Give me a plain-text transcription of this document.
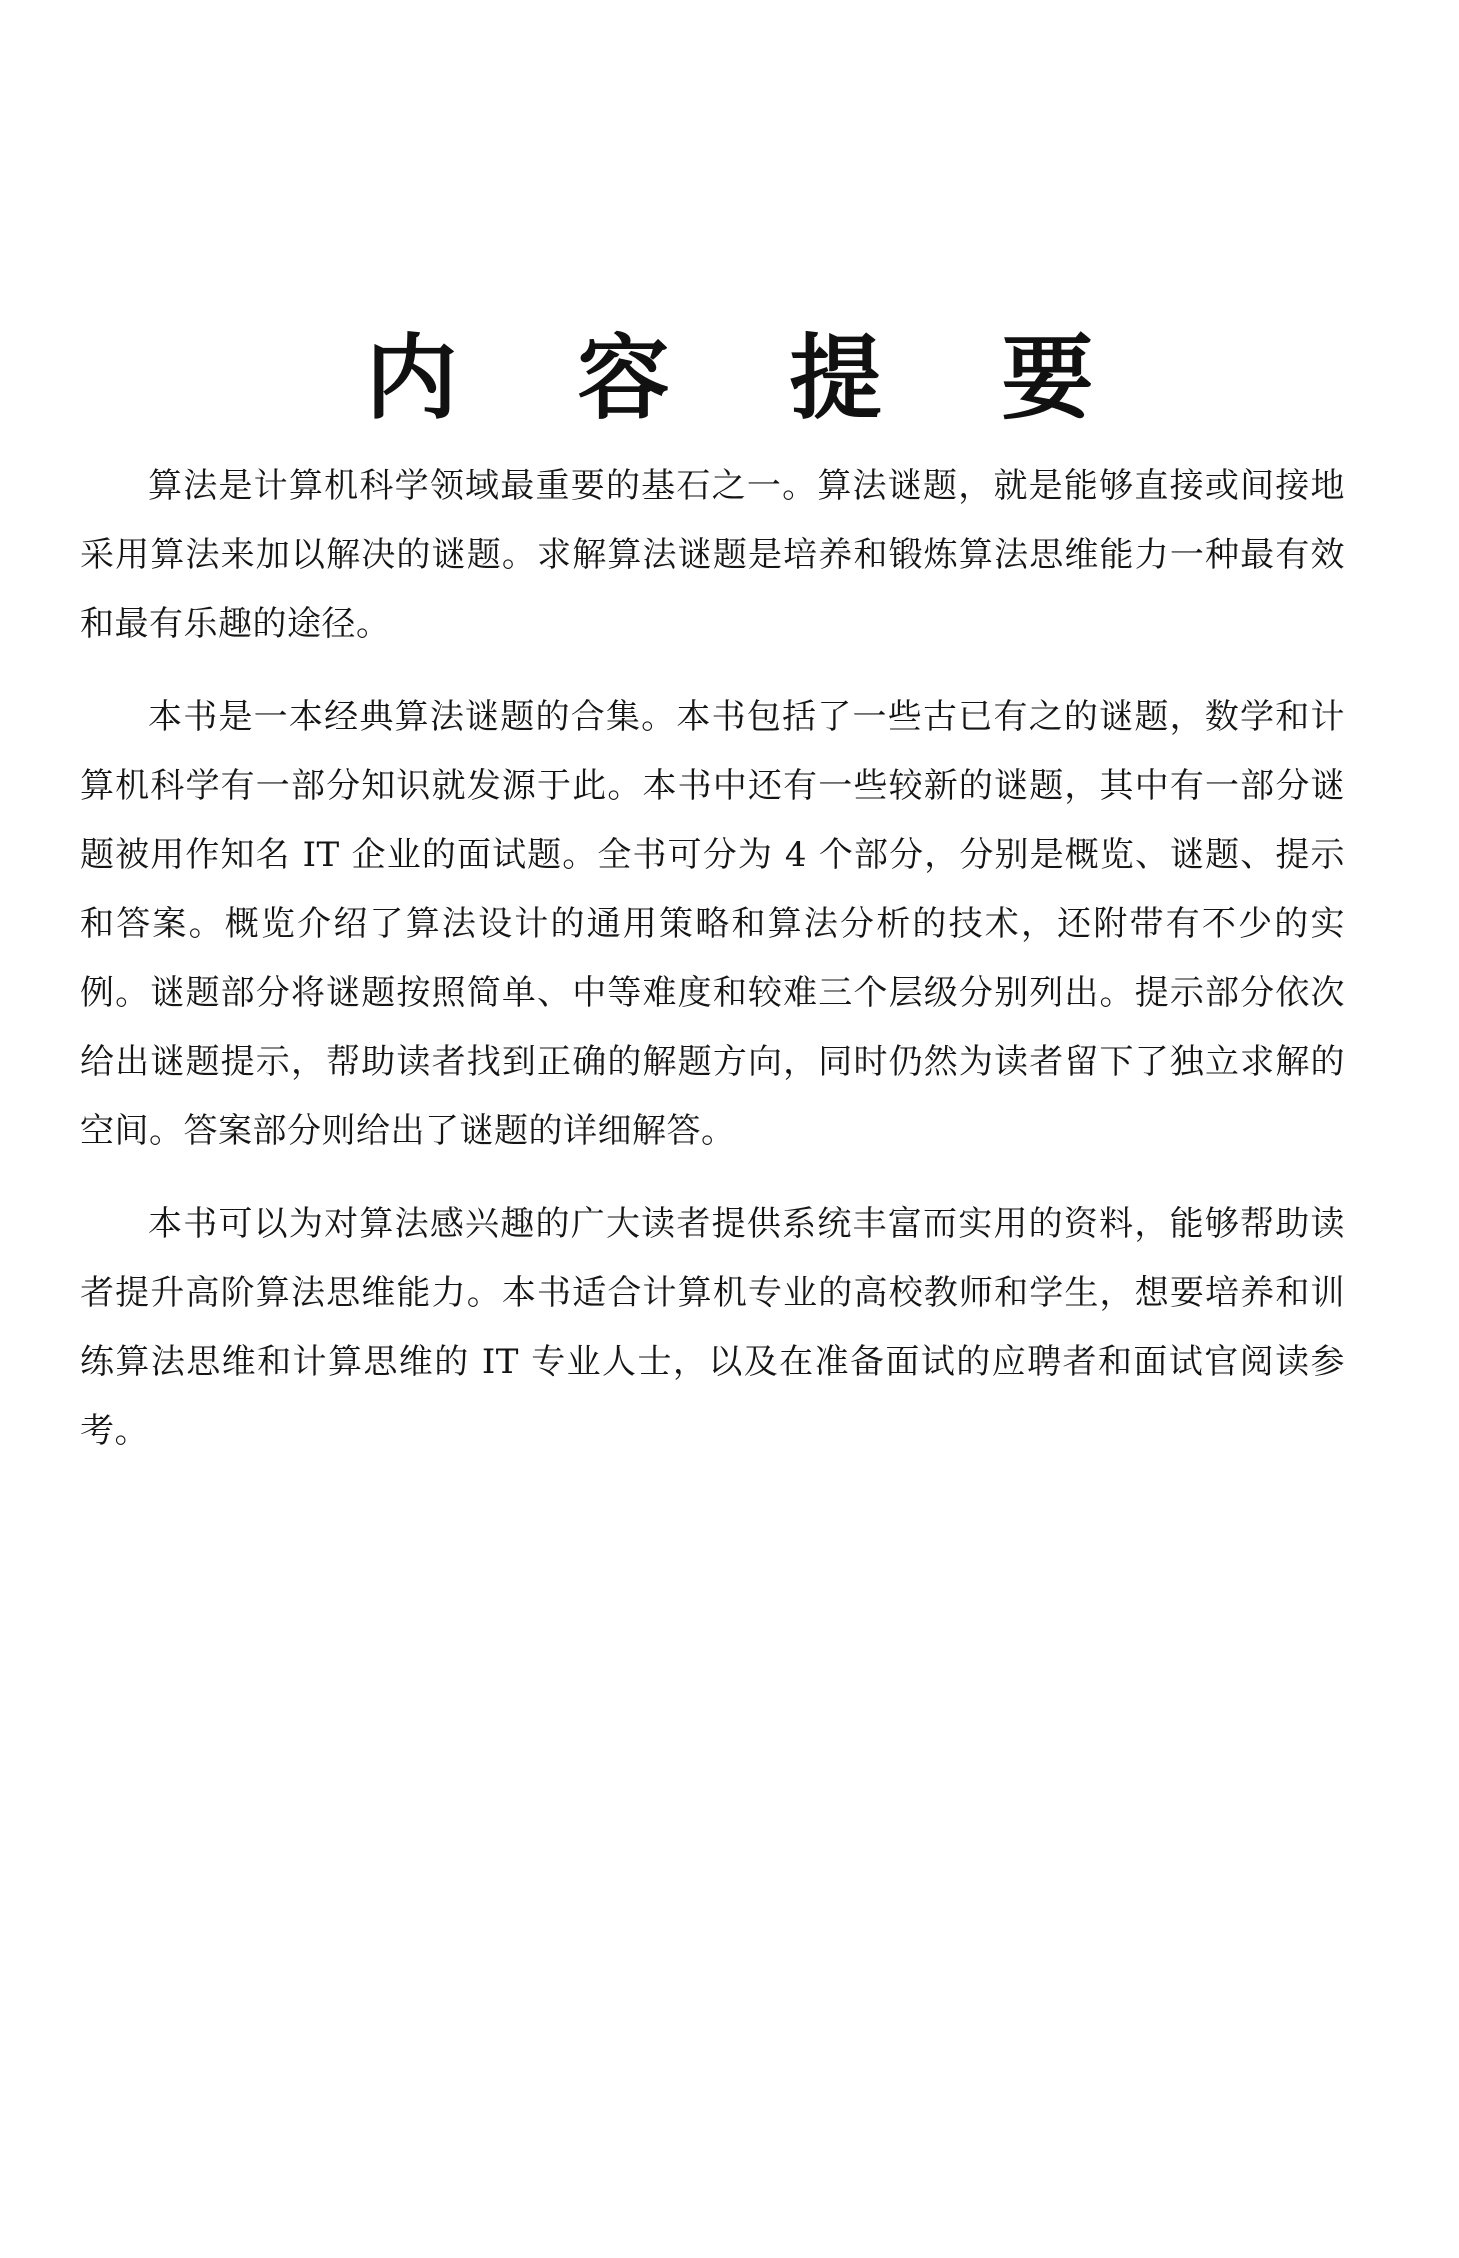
内 容 提 要

算法是计算机科学领域最重要的基石之一。算法谜题，就是能够直接或间接地采用算法来加以解决的谜题。求解算法谜题是培养和锻炼算法思维能力一种最有效和最有乐趣的途径。

本书是一本经典算法谜题的合集。本书包括了一些古已有之的谜题，数学和计算机科学有一部分知识就发源于此。本书中还有一些较新的谜题，其中有一部分谜题被用作知名 IT 企业的面试题。全书可分为 4 个部分，分别是概览、谜题、提示和答案。概览介绍了算法设计的通用策略和算法分析的技术，还附带有不少的实例。谜题部分将谜题按照简单、中等难度和较难三个层级分别列出。提示部分依次给出谜题提示，帮助读者找到正确的解题方向，同时仍然为读者留下了独立求解的空间。答案部分则给出了谜题的详细解答。

本书可以为对算法感兴趣的广大读者提供系统丰富而实用的资料，能够帮助读者提升高阶算法思维能力。本书适合计算机专业的高校教师和学生，想要培养和训练算法思维和计算思维的 IT 专业人士，以及在准备面试的应聘者和面试官阅读参考。
